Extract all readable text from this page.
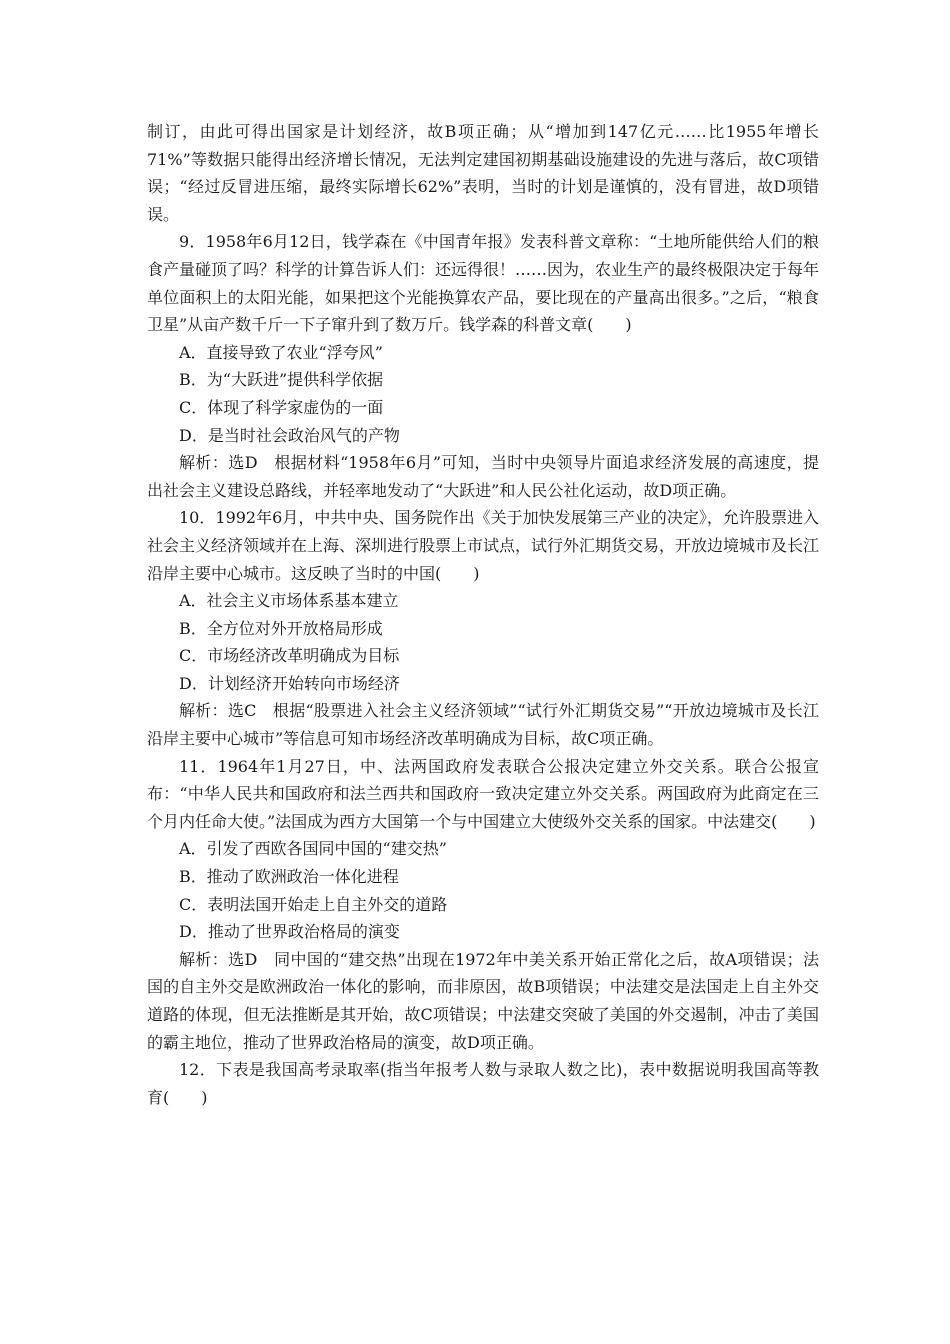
制订，由此可得出国家是计划经济，故B项正确；从“增加到147亿元……比1955年增长71%”等数据只能得出经济增长情况，无法判定建国初期基础设施建设的先进与落后，故C项错误；“经过反冒进压缩，最终实际增长62%”表明，当时的计划是谨慎的，没有冒进，故D项错误。

9．1958年6月12日，钱学森在《中国青年报》发表科普文章称：“土地所能供给人们的粮食产量碰顶了吗？科学的计算告诉人们：还远得很！……因为，农业生产的最终极限决定于每年单位面积上的太阳光能，如果把这个光能换算农产品，要比现在的产量高出很多。”之后，“粮食卫星”从亩产数千斤一下子窜升到了数万斤。钱学森的科普文章(　　)

A．直接导致了农业“浮夸风”

B．为“大跃进”提供科学依据

C．体现了科学家虚伪的一面

D．是当时社会政治风气的产物

解析：选D　根据材料“1958年6月”可知，当时中央领导片面追求经济发展的高速度，提出社会主义建设总路线，并轻率地发动了“大跃进”和人民公社化运动，故D项正确。

10．1992年6月，中共中央、国务院作出《关于加快发展第三产业的决定》，允许股票进入社会主义经济领域并在上海、深圳进行股票上市试点，试行外汇期货交易，开放边境城市及长江沿岸主要中心城市。这反映了当时的中国(　　)

A．社会主义市场体系基本建立

B．全方位对外开放格局形成

C．市场经济改革明确成为目标

D．计划经济开始转向市场经济

解析：选C　根据“股票进入社会主义经济领域”“试行外汇期货交易”“开放边境城市及长江沿岸主要中心城市”等信息可知市场经济改革明确成为目标，故C项正确。

11．1964年1月27日，中、法两国政府发表联合公报决定建立外交关系。联合公报宣布：“中华人民共和国政府和法兰西共和国政府一致决定建立外交关系。两国政府为此商定在三个月内任命大使。”法国成为西方大国第一个与中国建立大使级外交关系的国家。中法建交(　　)

A．引发了西欧各国同中国的“建交热”

B．推动了欧洲政治一体化进程

C．表明法国开始走上自主外交的道路

D．推动了世界政治格局的演变

解析：选D　同中国的“建交热”出现在1972年中美关系开始正常化之后，故A项错误；法国的自主外交是欧洲政治一体化的影响，而非原因，故B项错误；中法建交是法国走上自主外交道路的体现，但无法推断是其开始，故C项错误；中法建交突破了美国的外交遏制，冲击了美国的霸主地位，推动了世界政治格局的演变，故D项正确。

12．下表是我国高考录取率(指当年报考人数与录取人数之比)，表中数据说明我国高等教育(　　)
